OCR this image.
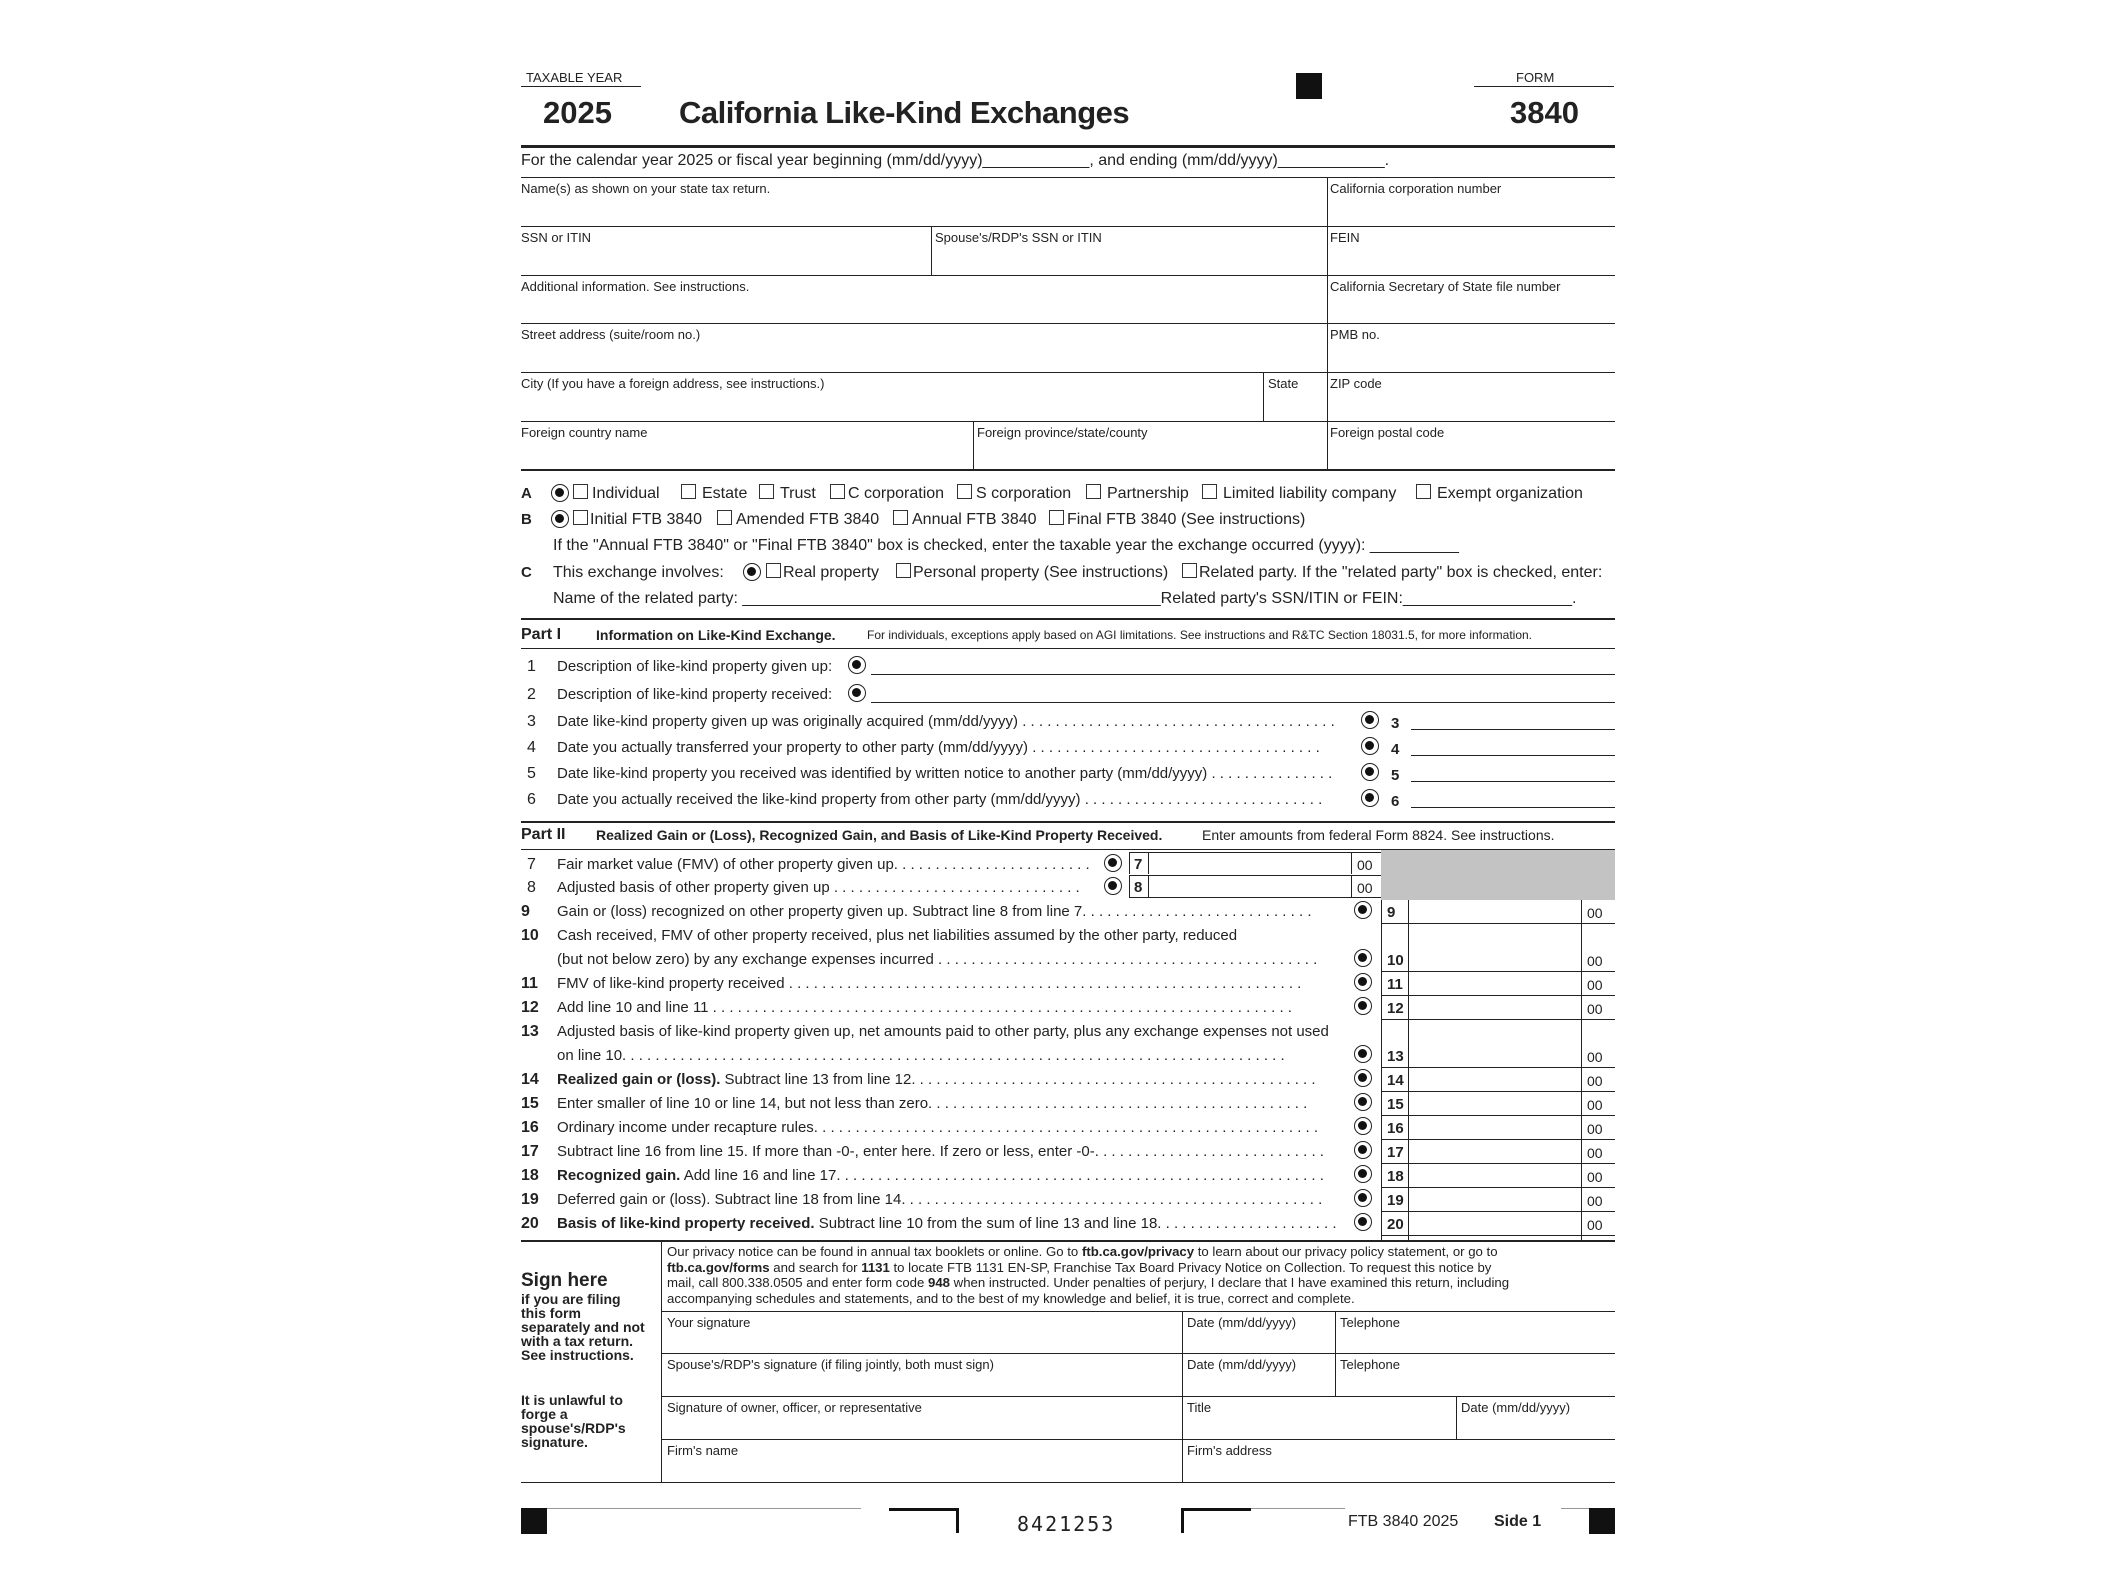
TAXABLE YEAR
2025 California Like-Kind Exchanges
FORM
3840
For the calendar year 2025 or fiscal year beginning (mm/dd/yyyy)____________, and ending (mm/dd/yyyy)____________.
Name(s) as shown on your state tax return.	California corporation number
SSN or ITIN	Spouse's/RDP's SSN or ITIN	FEIN
Additional information. See instructions.	California Secretary of State file number
Street address (suite/room no.)	PMB no.
City (If you have a foreign address, see instructions.)	State ZIP code
Foreign country name	Foreign province/state/county	Foreign postal code
A	Individual	Estate Trust C corporation S corporation Partnership Limited liability company	Exempt organization
B	Initial FTB 3840 Amended FTB 3840 Annual FTB 3840 Final FTB 3840 (See instructions)
If the "Annual FTB 3840" or "Final FTB 3840" box is checked, enter the taxable year the exchange occurred (yyyy): __________
C This exchange involves:	Real property Personal property (See instructions) Related party. If the "related party" box is checked, enter:
Name of the related party: _______________________________________________Related party's SSN/ITIN or FEIN:___________________.
Part I Information on Like-Kind Exchange.	For individuals, exceptions apply based on AGI limitations. See instructions and R&TC Section 18031.5, for more information.
1 Description of like-kind property given up:
2 Description of like-kind property received:
3 Date like-kind property given up was originally acquired (mm/dd/yyyy) . . . . . . . . . . . . . . . . . . . . . . . . . . . . . . . . . . . . . .	3
4 Date you actually transferred your property to other party (mm/dd/yyyy) . . . . . . . . . . . . . . . . . . . . . . . . . . . . . . . . . . .	4
5 Date like-kind property you received was identified by written notice to another party (mm/dd/yyyy) . . . . . . . . . . . . . . .	5
6 Date you actually received the like-kind property from other party (mm/dd/yyyy) . . . . . . . . . . . . . . . . . . . . . . . . . . . . .	6
Part II Realized Gain or (Loss), Recognized Gain, and Basis of Like-Kind Property Received.	Enter amounts from federal Form 8824. See instructions.
7 Fair market value (FMV) of other property given up. . . . . . . . . . . . . . . . . . . . . . . .	7	00
8 Adjusted basis of other property given up . . . . . . . . . . . . . . . . . . . . . . . . . . . . . .	8	00
9 Gain or (loss) recognized on other property given up. Subtract line 8 from line 7. . . . . . . . . . . . . . . . . . . . . . . . . . . .	9	00
10 Cash received, FMV of other property received, plus net liabilities assumed by the other party, reduced
(but not below zero) by any exchange expenses incurred . . . . . . . . . . . . . . . . . . . . . . . . . . . . . . . . . . . . . . . . . . . . . .	10	00
11 FMV of like-kind property received . . . . . . . . . . . . . . . . . . . . . . . . . . . . . . . . . . . . . . . . . . . . . . . . . . . . . . . . . . . . . .	11	00
12 Add line 10 and line 11 . . . . . . . . . . . . . . . . . . . . . . . . . . . . . . . . . . . . . . . . . . . . . . . . . . . . . . . . . . . . . . . . . . . . . .	12	00
13 Adjusted basis of like-kind property given up, net amounts paid to other party, plus any exchange expenses not used
on line 10. . . . . . . . . . . . . . . . . . . . . . . . . . . . . . . . . . . . . . . . . . . . . . . . . . . . . . . . . . . . . . . . . . . . . . . . . . . . . . . .	13	00
14 Realized gain or (loss). Subtract line 13 from line 12. . . . . . . . . . . . . . . . . . . . . . . . . . . . . . . . . . . . . . . . . . . . . . . . .	14	00
15 Enter smaller of line 10 or line 14, but not less than zero. . . . . . . . . . . . . . . . . . . . . . . . . . . . . . . . . . . . . . . . . . . . . .	15	00
16 Ordinary income under recapture rules. . . . . . . . . . . . . . . . . . . . . . . . . . . . . . . . . . . . . . . . . . . . . . . . . . . . . . . . . . . . .	16	00
17 Subtract line 16 from line 15. If more than -0-, enter here. If zero or less, enter -0-. . . . . . . . . . . . . . . . . . . . . . . . . . . .	17	00
18 Recognized gain. Add line 16 and line 17. . . . . . . . . . . . . . . . . . . . . . . . . . . . . . . . . . . . . . . . . . . . . . . . . . . . . . . . . . .	18	00
19 Deferred gain or (loss). Subtract line 18 from line 14. . . . . . . . . . . . . . . . . . . . . . . . . . . . . . . . . . . . . . . . . . . . . . . . . . .	19	00
20 Basis of like-kind property received. Subtract line 10 from the sum of line 13 and line 18. . . . . . . . . . . . . . . . . . . . . .	20	00
Sign here
if you are filing this form separately and not with a tax return. See instructions.
It is unlawful to forge a spouse's/RDP's signature.
Our privacy notice can be found in annual tax booklets or online. Go to ftb.ca.gov/privacy to learn about our privacy policy statement, or go to
ftb.ca.gov/forms and search for 1131 to locate FTB 1131 EN-SP, Franchise Tax Board Privacy Notice on Collection. To request this notice by
mail, call 800.338.0505 and enter form code 948 when instructed. Under penalties of perjury, I declare that I have examined this return, including
accompanying schedules and statements, and to the best of my knowledge and belief, it is true, correct and complete.
Your signature	Date (mm/dd/yyyy)	Telephone
Spouse's/RDP's signature (if filing jointly, both must sign)	Date (mm/dd/yyyy)	Telephone
Signature of owner, officer, or representative	Title	Date (mm/dd/yyyy)
Firm's name	Firm's address
8421253	FTB 3840 2025 Side 1
